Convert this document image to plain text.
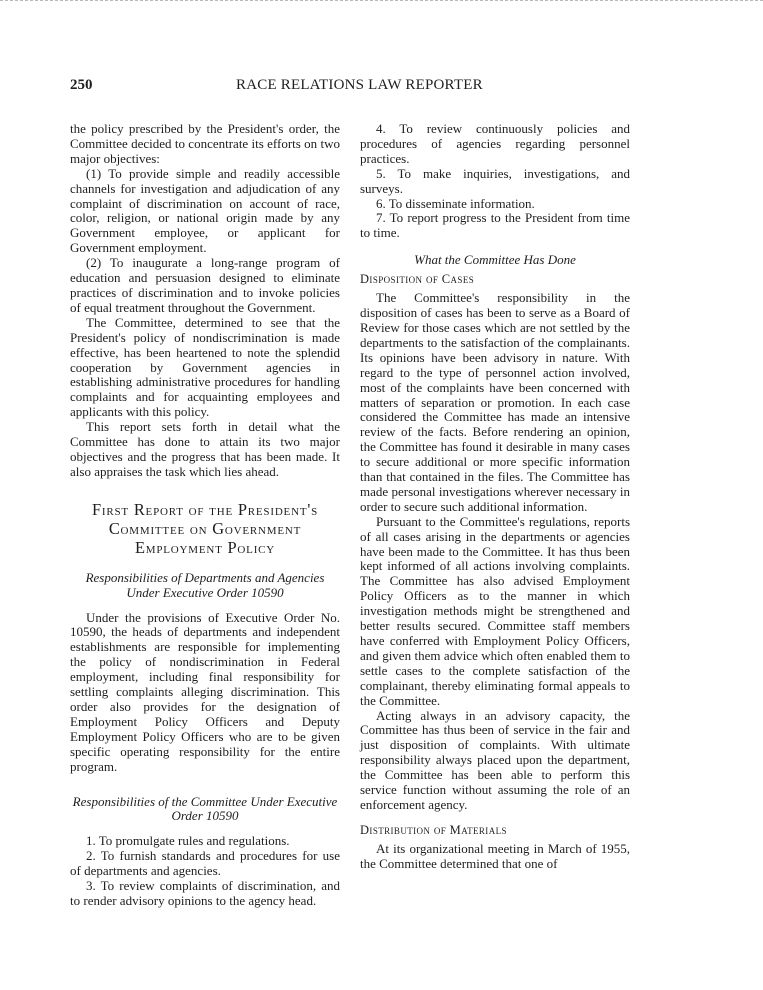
250	RACE RELATIONS LAW REPORTER

the policy prescribed by the President's order, the Committee decided to concentrate its efforts on two major objectives:

(1) To provide simple and readily accessible channels for investigation and adjudication of any complaint of discrimination on account of race, color, religion, or national origin made by any Government employee, or applicant for Government employment.

(2) To inaugurate a long-range program of education and persuasion designed to eliminate practices of discrimination and to invoke policies of equal treatment throughout the Government.

The Committee, determined to see that the President's policy of nondiscrimination is made effective, has been heartened to note the splendid cooperation by Government agencies in establishing administrative procedures for handling complaints and for acquainting employees and applicants with this policy.

This report sets forth in detail what the Committee has done to attain its two major objectives and the progress that has been made. It also appraises the task which lies ahead.

First Report of the President's Committee on Government Employment Policy
Responsibilities of Departments and Agencies Under Executive Order 10590

Under the provisions of Executive Order No. 10590, the heads of departments and independent establishments are responsible for implementing the policy of nondiscrimination in Federal employment, including final responsibility for settling complaints alleging discrimination. This order also provides for the designation of Employment Policy Officers and Deputy Employment Policy Officers who are to be given specific operating responsibility for the entire program.

Responsibilities of the Committee Under Executive Order 10590

1. To promulgate rules and regulations.

2. To furnish standards and procedures for use of departments and agencies.

3. To review complaints of discrimination, and to render advisory opinions to the agency head.

4. To review continuously policies and procedures of agencies regarding personnel practices.

5. To make inquiries, investigations, and surveys.

6. To disseminate information.

7. To report progress to the President from time to time.

What the Committee Has Done
Disposition of Cases

The Committee's responsibility in the disposition of cases has been to serve as a Board of Review for those cases which are not settled by the departments to the satisfaction of the complainants. Its opinions have been advisory in nature. With regard to the type of personnel action involved, most of the complaints have been concerned with matters of separation or promotion. In each case considered the Committee has made an intensive review of the facts. Before rendering an opinion, the Committee has found it desirable in many cases to secure additional or more specific information than that contained in the files. The Committee has made personal investigations wherever necessary in order to secure such additional information.

Pursuant to the Committee's regulations, reports of all cases arising in the departments or agencies have been made to the Committee. It has thus been kept informed of all actions involving complaints. The Committee has also advised Employment Policy Officers as to the manner in which investigation methods might be strengthened and better results secured. Committee staff members have conferred with Employment Policy Officers, and given them advice which often enabled them to settle cases to the complete satisfaction of the complainant, thereby eliminating formal appeals to the Committee.

Acting always in an advisory capacity, the Committee has thus been of service in the fair and just disposition of complaints. With ultimate responsibility always placed upon the department, the Committee has been able to perform this service function without assuming the role of an enforcement agency.

Distribution of Materials

At its organizational meeting in March of 1955, the Committee determined that one of
